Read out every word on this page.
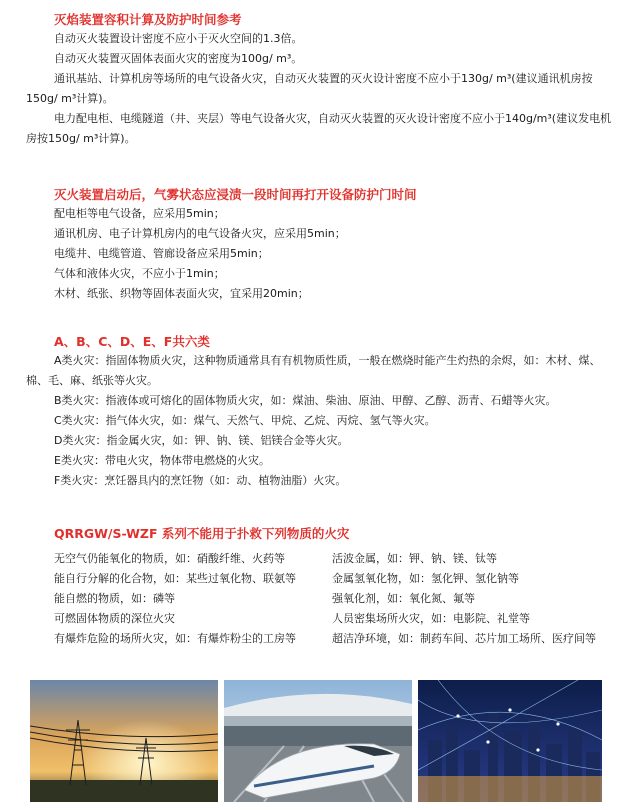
灭焰装置容积计算及防护时间参考
自动灭火装置设计密度不应小于灭火空间的1.3倍。
自动灭火装置灭固体表面火灾的密度为100g/ m³。

通讯基站、计算机房等场所的电气设备火灾，自动灭火装置的灭火设计密度不应小于130g/ m³(建议通讯机房按150g/ m³计算)。

电力配电柜、电缆隧道（井、夹层）等电气设备火灾，自动灭火装置的灭火设计密度不应小于140g/m³(建议发电机房按150g/ m³计算)。

灭火装置启动后，气雾状态应浸渍一段时间再打开设备防护门时间
配电柜等电气设备，应采用5min；
通讯机房、电子计算机房内的电气设备火灾，应采用5min；
电缆井、电缆管道、管廊设备应采用5min；
气体和液体火灾，不应小于1min；
木材、纸张、织物等固体表面火灾，宜采用20min；
A、B、C、D、E、F共六类

A类火灾：指固体物质火灾，这种物质通常具有有机物质性质，一般在燃烧时能产生灼热的余烬，如：木材、煤、棉、毛、麻、纸张等火灾。

B类火灾：指液体或可熔化的固体物质火灾，如：煤油、柴油、原油、甲醇、乙醇、沥青、石蜡等火灾。
C类火灾：指气体火灾，如：煤气、天然气、甲烷、乙烷、丙烷、氢气等火灾。
D类火灾：指金属火灾，如：钾、钠、镁、铝镁合金等火灾。
E类火灾：带电火灾，物体带电燃烧的火灾。
F类火灾：烹饪器具内的烹饪物（如：动、植物油脂）火灾。
QRRGW/S-WZF 系列不能用于扑救下列物质的火灾
无空气仍能氧化的物质，如：硝酸纤维、火药等	活波金属，如：钾、钠、镁、钛等
能自行分解的化合物，如：某些过氧化物、联氨等	金属氢氧化物，如：氢化钾、氢化钠等
能自燃的物质，如：磷等	强氧化剂，如：氧化氮、氟等
可燃固体物质的深位火灾	人员密集场所火灾，如：电影院、礼堂等
有爆炸危险的场所火灾，如：有爆炸粉尘的工房等	超洁净环境，如：制药车间、芯片加工场所、医疗间等
